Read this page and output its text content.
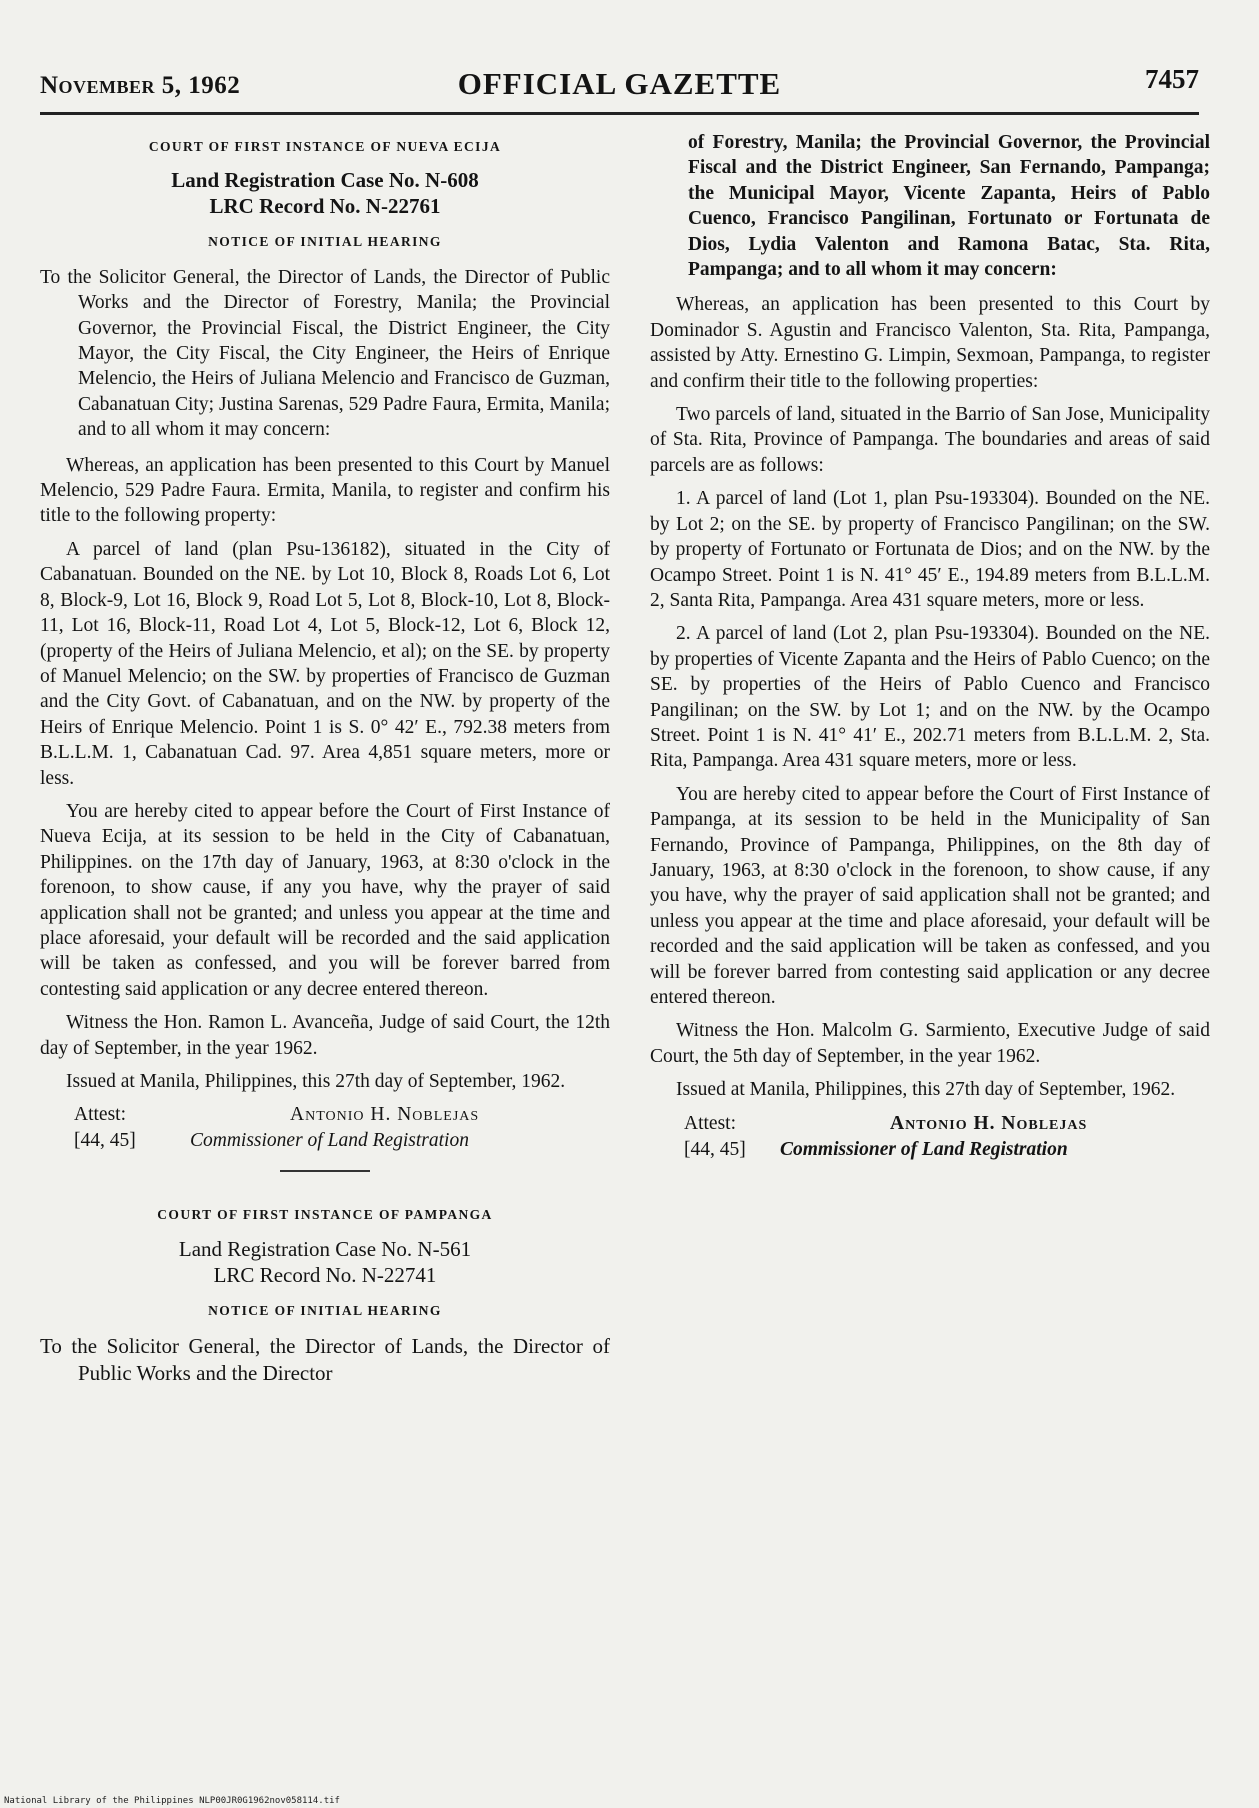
November 5, 1962	OFFICIAL GAZETTE	7457
COURT OF FIRST INSTANCE OF NUEVA ECIJA
Land Registration Case No. N-608
LRC Record No. N-22761
NOTICE OF INITIAL HEARING
To the Solicitor General, the Director of Lands, the Director of Public Works and the Director of Forestry, Manila; the Provincial Governor, the Provincial Fiscal, the District Engineer, the City Mayor, the City Fiscal, the City Engineer, the Heirs of Enrique Melencio, the Heirs of Juliana Melencio and Francisco de Guzman, Cabanatuan City; Justina Sarenas, 529 Padre Faura, Ermita, Manila; and to all whom it may concern:

Whereas, an application has been presented to this Court by Manuel Melencio, 529 Padre Faura. Ermita, Manila, to register and confirm his title to the following property:

A parcel of land (plan Psu-136182), situated in the City of Cabanatuan. Bounded on the NE. by Lot 10, Block 8, Roads Lot 6, Lot 8, Block-9, Lot 16, Block 9, Road Lot 5, Lot 8, Block-10, Lot 8, Block-11, Lot 16, Block-11, Road Lot 4, Lot 5, Block-12, Lot 6, Block 12, (property of the Heirs of Juliana Melencio, et al); on the SE. by property of Manuel Melencio; on the SW. by properties of Francisco de Guzman and the City Govt. of Cabanatuan, and on the NW. by property of the Heirs of Enrique Melencio. Point 1 is S. 0° 42′ E., 792.38 meters from B.L.L.M. 1, Cabanatuan Cad. 97. Area 4,851 square meters, more or less.

You are hereby cited to appear before the Court of First Instance of Nueva Ecija, at its session to be held in the City of Cabanatuan, Philippines. on the 17th day of January, 1963, at 8:30 o'clock in the forenoon, to show cause, if any you have, why the prayer of said application shall not be granted; and unless you appear at the time and place aforesaid, your default will be recorded and the said application will be taken as confessed, and you will be forever barred from contesting said application or any decree entered thereon.

Witness the Hon. Ramon L. Avanceña, Judge of said Court, the 12th day of September, in the year 1962.

Issued at Manila, Philippines, this 27th day of September, 1962.

Attest:	Antonio H. Noblejas
[44, 45]	Commissioner of Land Registration
COURT OF FIRST INSTANCE OF PAMPANGA
Land Registration Case No. N-561
LRC Record No. N-22741
NOTICE OF INITIAL HEARING
To the Solicitor General, the Director of Lands, the Director of Public Works and the Director
of Forestry, Manila; the Provincial Governor, the Provincial Fiscal and the District Engineer, San Fernando, Pampanga; the Municipal Mayor, Vicente Zapanta, Heirs of Pablo Cuenco, Francisco Pangilinan, Fortunato or Fortunata de Dios, Lydia Valenton and Ramona Batac, Sta. Rita, Pampanga; and to all whom it may concern:

Whereas, an application has been presented to this Court by Dominador S. Agustin and Francisco Valenton, Sta. Rita, Pampanga, assisted by Atty. Ernestino G. Limpin, Sexmoan, Pampanga, to register and confirm their title to the following properties:

Two parcels of land, situated in the Barrio of San Jose, Municipality of Sta. Rita, Province of Pampanga. The boundaries and areas of said parcels are as follows:

1. A parcel of land (Lot 1, plan Psu-193304). Bounded on the NE. by Lot 2; on the SE. by property of Francisco Pangilinan; on the SW. by property of Fortunato or Fortunata de Dios; and on the NW. by the Ocampo Street. Point 1 is N. 41° 45′ E., 194.89 meters from B.L.L.M. 2, Santa Rita, Pampanga. Area 431 square meters, more or less.

2. A parcel of land (Lot 2, plan Psu-193304). Bounded on the NE. by properties of Vicente Zapanta and the Heirs of Pablo Cuenco; on the SE. by properties of the Heirs of Pablo Cuenco and Francisco Pangilinan; on the SW. by Lot 1; and on the NW. by the Ocampo Street. Point 1 is N. 41° 41′ E., 202.71 meters from B.L.L.M. 2, Sta. Rita, Pampanga. Area 431 square meters, more or less.

You are hereby cited to appear before the Court of First Instance of Pampanga, at its session to be held in the Municipality of San Fernando, Province of Pampanga, Philippines, on the 8th day of January, 1963, at 8:30 o'clock in the forenoon, to show cause, if any you have, why the prayer of said application shall not be granted; and unless you appear at the time and place aforesaid, your default will be recorded and the said application will be taken as confessed, and you will be forever barred from contesting said application or any decree entered thereon.

Witness the Hon. Malcolm G. Sarmiento, Executive Judge of said Court, the 5th day of September, in the year 1962.

Issued at Manila, Philippines, this 27th day of September, 1962.

Attest:	Antonio H. Noblejas
[44, 45] Commissioner of Land Registration
National Library of the Philippines NLP00JR0G1962nov058114.tif
